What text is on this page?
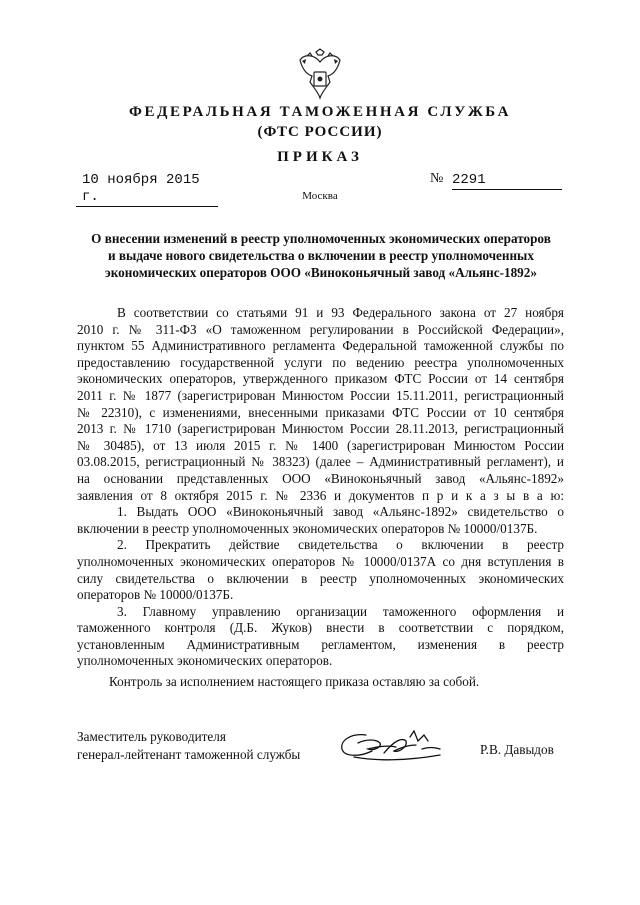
ФЕДЕРАЛЬНАЯ ТАМОЖЕННАЯ СЛУЖБА
(ФТС РОССИИ)
ПРИКАЗ
10 ноября 2015 г.
№ 2291
Москва
О внесении изменений в реестр уполномоченных экономических операторов
и выдаче нового свидетельства о включении в реестр уполномоченных
экономических операторов ООО «Виноконьячный завод «Альянс-1892»
В соответствии со статьями 91 и 93 Федерального закона от 27 ноября
2010 г. № 311-ФЗ «О таможенном регулировании в Российской Федерации»,
пунктом 55 Административного регламента Федеральной таможенной службы по
предоставлению государственной услуги по ведению реестра уполномоченных
экономических операторов, утвержденного приказом ФТС России от 14 сентября
2011 г. № 1877 (зарегистрирован Минюстом России 15.11.2011, регистрационный
№ 22310), с изменениями, внесенными приказами ФТС России от 10 сентября
2013 г. № 1710 (зарегистрирован Минюстом России 28.11.2013, регистрационный
№ 30485), от 13 июля 2015 г. № 1400 (зарегистрирован Минюстом России
03.08.2015, регистрационный № 38323) (далее – Административный регламент), и
на основании представленных ООО «Виноконьячный завод «Альянс-1892»
заявления от 8 октября 2015 г. № 2336 и документов п р и к а з ы в а ю:
1. Выдать ООО «Виноконьячный завод «Альянс-1892» свидетельство о
включении в реестр уполномоченных экономических операторов № 10000/0137Б.
2. Прекратить действие свидетельства о включении в реестр
уполномоченных экономических операторов № 10000/0137А со дня вступления в
силу свидетельства о включении в реестр уполномоченных экономических
операторов № 10000/0137Б.
3. Главному управлению организации таможенного оформления и
таможенного контроля (Д.Б. Жуков) внести в соответствии с порядком,
установленным Административным регламентом, изменения в реестр
уполномоченных экономических операторов.
Контроль за исполнением настоящего приказа оставляю за собой.
Заместитель руководителя
генерал-лейтенант таможенной службы	Р.В. Давыдов
